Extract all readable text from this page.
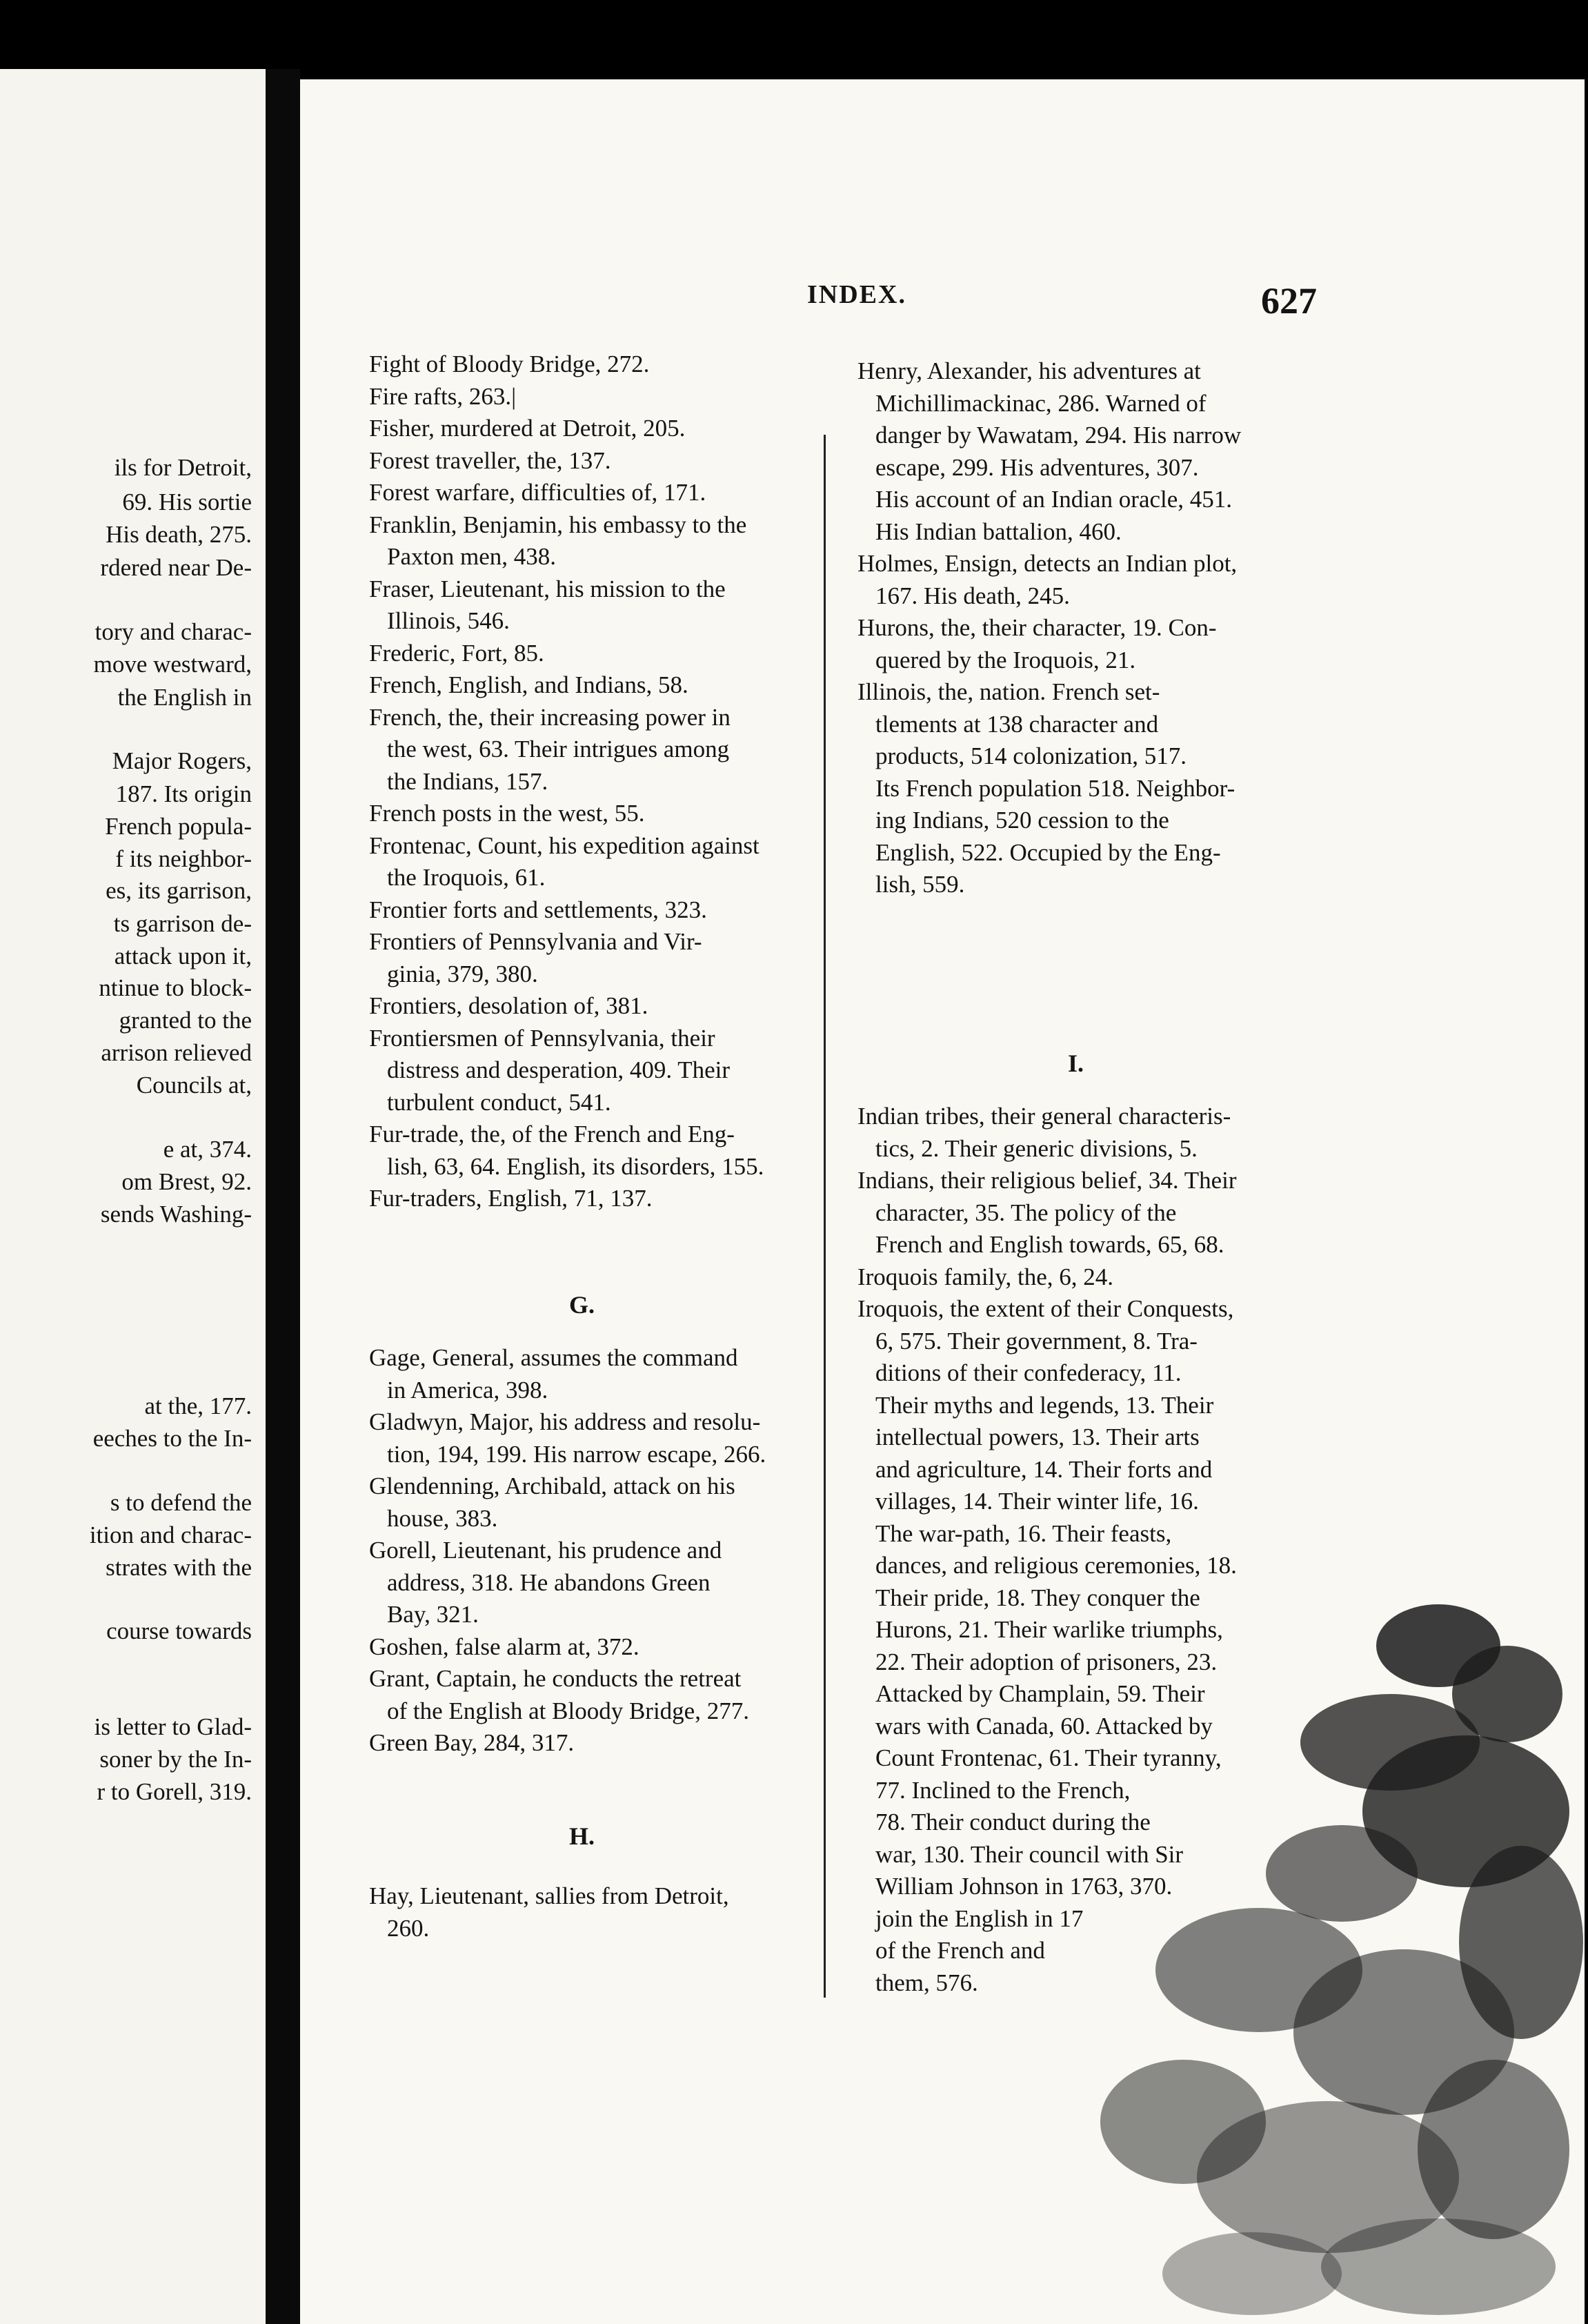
ils for Detroit,
69. His sortie
His death, 275.
rdered near De-
tory and charac-
move westward,
the English in
Major Rogers,
187. Its origin
French popula-
f its neighbor-
es, its garrison,
ts garrison de-
attack upon it,
ntinue to block-
granted to the
arrison relieved
Councils at,
e at, 374.
om Brest, 92.
sends Washing-
at the, 177.
eeches to the In-
s to defend the
ition and charac-
strates with the
course towards
is letter to Glad-
soner by the In-
r to Gorell, 319.
INDEX.	627
Fight of Bloody Bridge, 272.
Fire rafts, 263.|
Fisher, murdered at Detroit, 205.
Forest traveller, the, 137.
Forest warfare, difficulties of, 171.
Franklin, Benjamin, his embassy to the
Paxton men, 438.
Fraser, Lieutenant, his mission to the
Illinois, 546.
Frederic, Fort, 85.
French, English, and Indians, 58.
French, the, their increasing power in
the west, 63. Their intrigues among
the Indians, 157.
French posts in the west, 55.
Frontenac, Count, his expedition against
the Iroquois, 61.
Frontier forts and settlements, 323.
Frontiers of Pennsylvania and Vir-
ginia, 379, 380.
Frontiers, desolation of, 381.
Frontiersmen of Pennsylvania, their
distress and desperation, 409. Their
turbulent conduct, 541.
Fur-trade, the, of the French and Eng-
lish, 63, 64. English, its disorders, 155.
Fur-traders, English, 71, 137.
G.
Gage, General, assumes the command
in America, 398.
Gladwyn, Major, his address and resolu-
tion, 194, 199. His narrow escape, 266.
Glendenning, Archibald, attack on his
house, 383.
Gorell, Lieutenant, his prudence and
address, 318. He abandons Green
Bay, 321.
Goshen, false alarm at, 372.
Grant, Captain, he conducts the retreat
of the English at Bloody Bridge, 277.
Green Bay, 284, 317.
H.
Hay, Lieutenant, sallies from Detroit,
260.
Henry, Alexander, his adventures at
Michillimackinac, 286. Warned of
danger by Wawatam, 294. His narrow
escape, 299. His adventures, 307.
His account of an Indian oracle, 451.
His Indian battalion, 460.
Holmes, Ensign, detects an Indian plot,
167. His death, 245.
Hurons, the, their character, 19. Con-
quered by the Iroquois, 21.
Illinois, the, nation. French set-
tlements at 138 character and
products, 514 colonization, 517.
Its French population 518. Neighbor-
ing Indians, 520 cession to the
English, 522. Occupied by the Eng-
lish, 559.
I.
Indian tribes, their general characteris-
tics, 2. Their generic divisions, 5.
Indians, their religious belief, 34. Their
character, 35. The policy of the
French and English towards, 65, 68.
Iroquois family, the, 6, 24.
Iroquois, the extent of their Conquests,
6, 575. Their government, 8. Tra-
ditions of their confederacy, 11.
Their myths and legends, 13. Their
intellectual powers, 13. Their arts
and agriculture, 14. Their forts and
villages, 14. Their winter life, 16.
The war-path, 16. Their feasts,
dances, and religious ceremonies, 18.
Their pride, 18. They conquer the
Hurons, 21. Their warlike triumphs,
22. Their adoption of prisoners, 23.
Attacked by Champlain, 59. Their
wars with Canada, 60. Attacked by
Count Frontenac, 61. Their tyranny,
77. Inclined to the French,
78. Their conduct during the
war, 130. Their council with Sir
William Johnson in 1763, 370.
join the English in 17
of the French and
them, 576.
